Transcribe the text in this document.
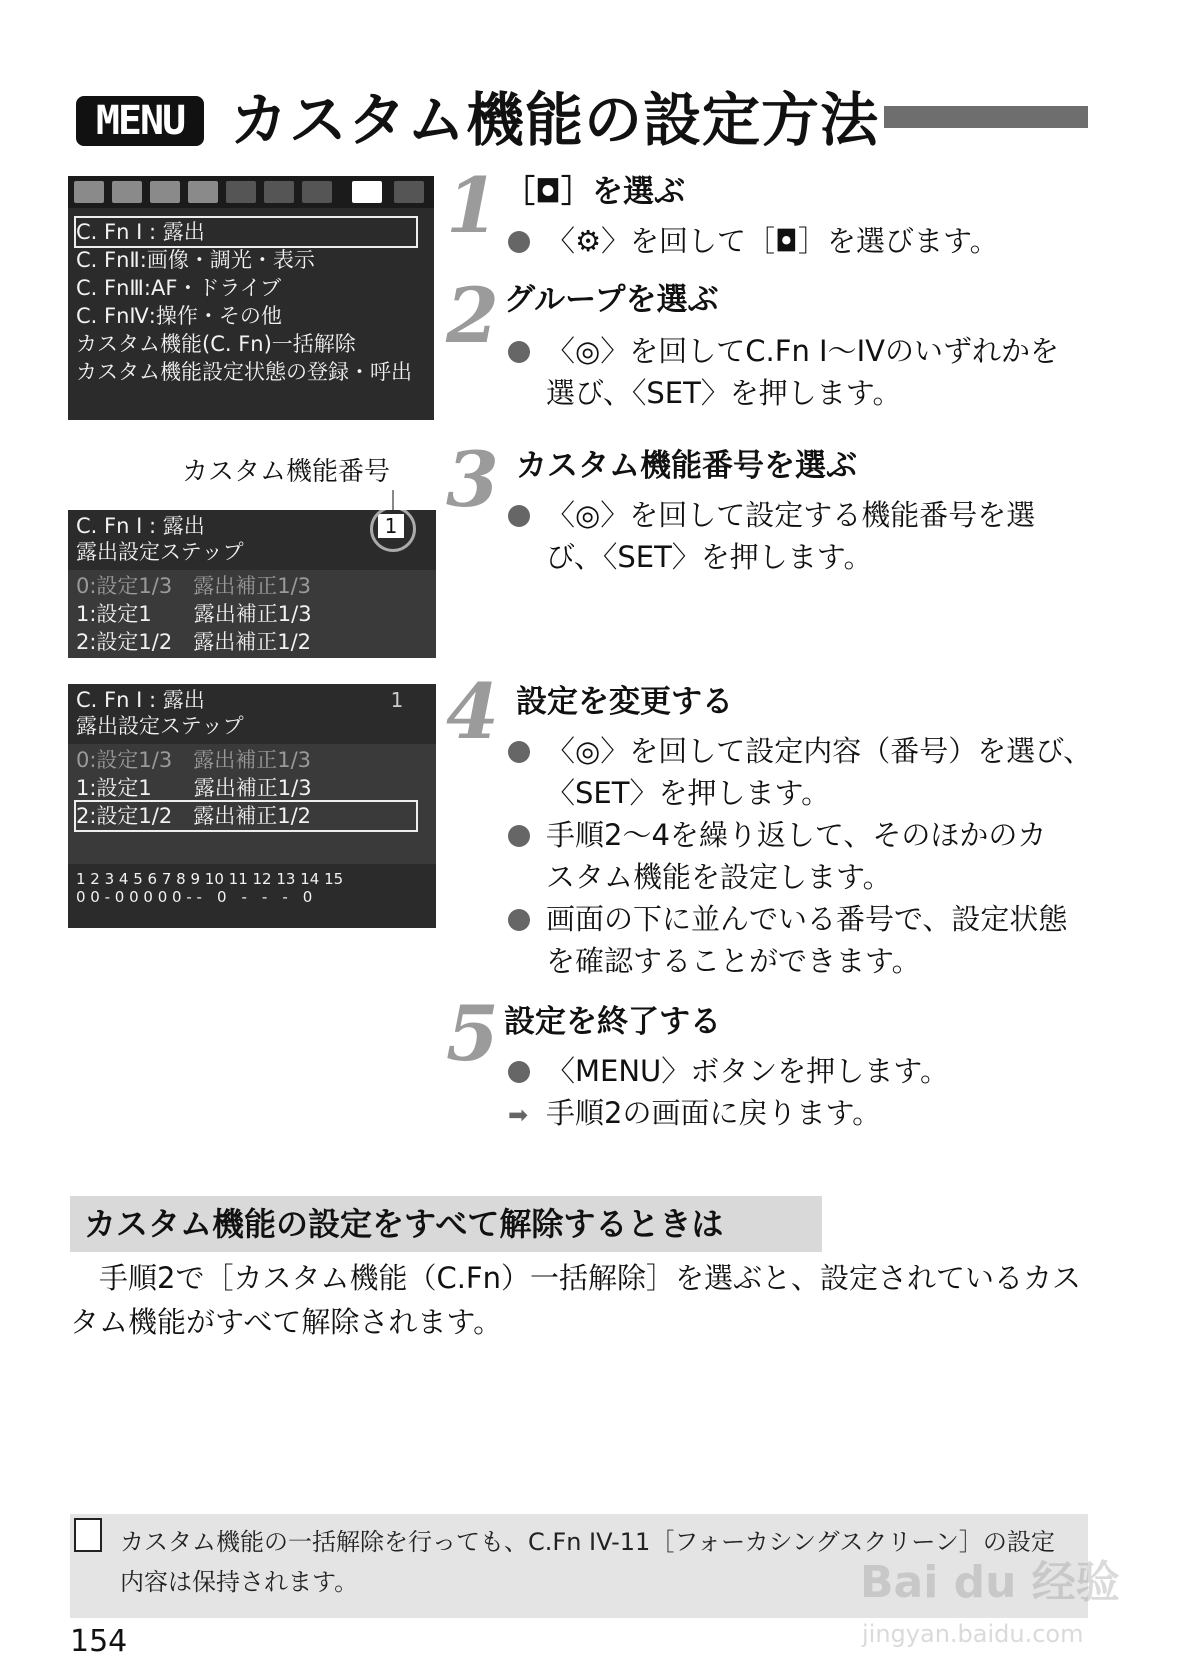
MENU カスタム機能の設定方法
C. Fn I : 露出
C. FnⅡ:画像・調光・表示
C. FnⅢ:AF・ドライブ
C. FnⅣ:操作・その他
カスタム機能(C. Fn)一括解除
カスタム機能設定状態の登録・呼出
カスタム機能番号
C. Fn I : 露出
露出設定ステップ
1
0:設定1/3　露出補正1/3
1:設定1　　露出補正1/3
2:設定1/2　露出補正1/2
C. Fn I : 露出
露出設定ステップ
1
0:設定1/3　露出補正1/3
1:設定1　　露出補正1/3
2:設定1/2　露出補正1/2
1 2 3 4 5 6 7 8 9 10 11 12 13 14 15
0 0 - 0 0 0 0 0 - -　0　-　-　-　0
1 ［◘］を選ぶ
〈⚙〉を回して［◘］を選びます。
2 グループを選ぶ
〈◎〉を回してC.Fn I〜IVのいずれかを
選び、〈SET〉を押します。
3 カスタム機能番号を選ぶ
〈◎〉を回して設定する機能番号を選
び、〈SET〉を押します。
4 設定を変更する
〈◎〉を回して設定内容（番号）を選び、
〈SET〉を押します。
手順2〜4を繰り返して、そのほかのカ
スタム機能を設定します。
画面の下に並んでいる番号で、設定状態
を確認することができます。
5 設定を終了する
〈MENU〉ボタンを押します。
➡ 手順2の画面に戻ります。
カスタム機能の設定をすべて解除するときは
　手順2で［カスタム機能（C.Fn）一括解除］を選ぶと、設定されているカスタム機能がすべて解除されます。
カスタム機能の一括解除を行っても、C.Fn IV-11［フォーカシングスクリーン］の設定内容は保持されます。
154
Bai du 经验
jingyan.baidu.com
